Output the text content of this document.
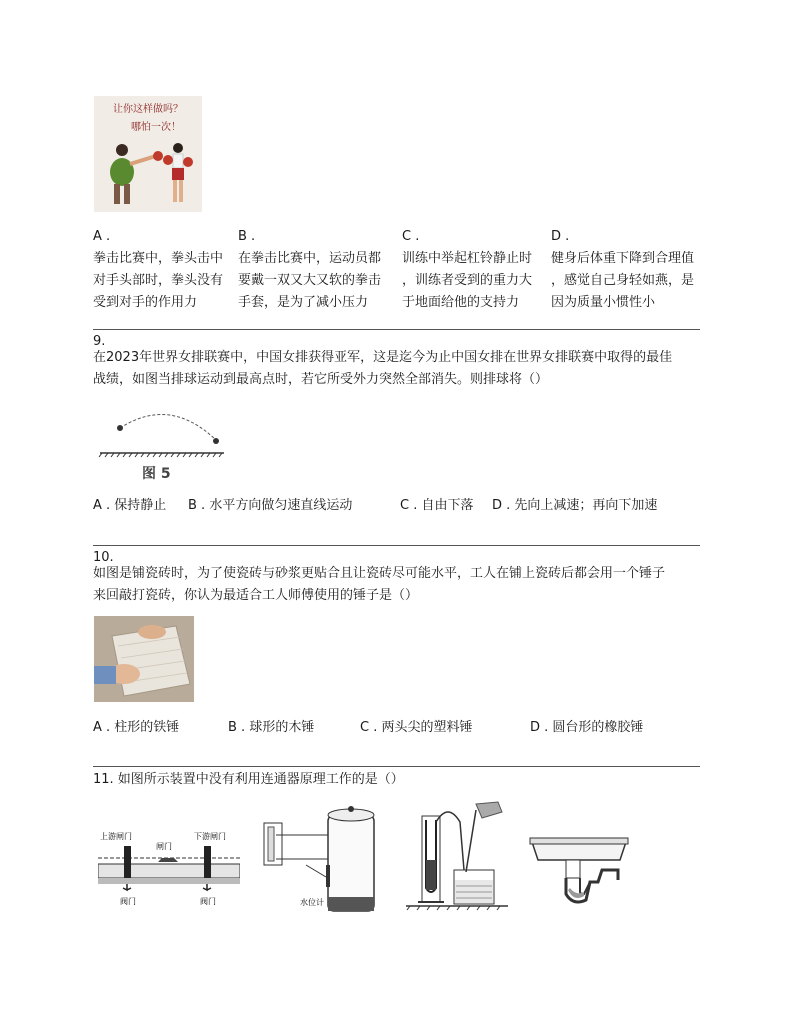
让你这样做吗？
哪怕一次！
A .
拳击比赛中，拳头击中
对手头部时，拳头没有
受到对手的作用力
B .
在拳击比赛中，运动员都
要戴一双又大又软的拳击
手套，是为了减小压力
C .
训练中举起杠铃静止时
，训练者受到的重力大
于地面给他的支持力
D .
健身后体重下降到合理值
，感觉自己身轻如燕，是
因为质量小惯性小
9.
在2023年世界女排联赛中，中国女排获得亚军，这是迄今为止中国女排在世界女排联赛中取得的最佳
战绩，如图当排球运动到最高点时，若它所受外力突然全部消失。则排球将（）
图 5
A . 保持静止 B . 水平方向做匀速直线运动	C . 自由下落 D . 先向上减速；再向下加速
10.
如图是铺瓷砖时，为了使瓷砖与砂浆更贴合且让瓷砖尽可能水平，工人在铺上瓷砖后都会用一个锤子
来回敲打瓷砖，你认为最适合工人师傅使用的锤子是（）
A . 柱形的铁锤	B . 球形的木锤	C . 两头尖的塑料锤	D . 圆台形的橡胶锤
11. 如图所示装置中没有利用连通器原理工作的是（）
上游闸门
闸门
下游闸门
阀门	阀门	水位计
